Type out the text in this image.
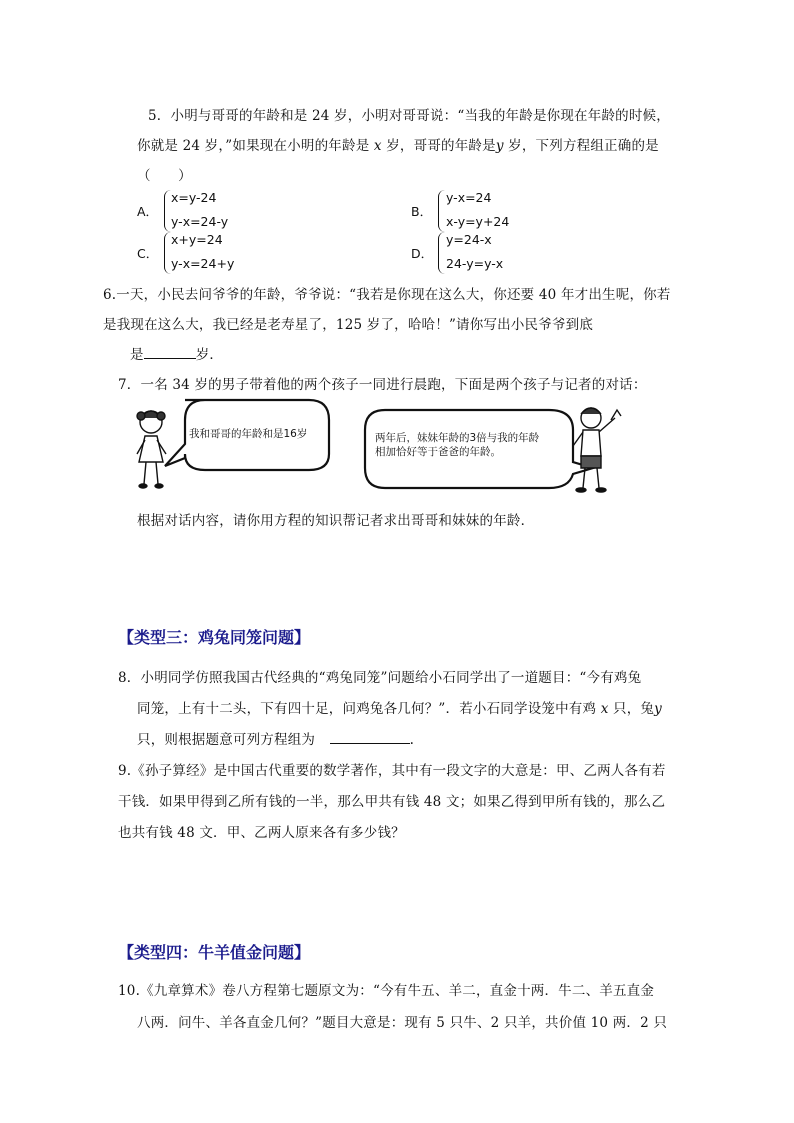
5．小明与哥哥的年龄和是 24 岁，小明对哥哥说：“当我的年龄是你现在年龄的时候，
你就是 24 岁，”如果现在小明的年龄是 x 岁，哥哥的年龄是y 岁，下列方程组正确的是
（　　）
A．
x=y-24
y-x=24-y
B．
y-x=24
x-y=y+24
C．
x+y=24
y-x=24+y
D．
y=24-x
24-y=y-x
6.一天，小民去问爷爷的年龄，爷爷说：“我若是你现在这么大，你还要 40 年才出生呢，你若
是我现在这么大，我已经是老寿星了，125 岁了，哈哈！”请你写出小民爷爷到底
是	岁．
7．一名 34 岁的男子带着他的两个孩子一同进行晨跑，下面是两个孩子与记者的对话：
我和哥哥的年龄和是16岁	两年后，妹妹年龄的3倍与我的年龄
相加恰好等于爸爸的年龄。
根据对话内容，请你用方程的知识帮记者求出哥哥和妹妹的年龄．
【类型三：鸡兔同笼问题】
8．小明同学仿照我国古代经典的“鸡兔同笼”问题给小石同学出了一道题目：“今有鸡兔
同笼，上有十二头，下有四十足，问鸡兔各几何？”．若小石同学设笼中有鸡 x 只，兔y
只，则根据题意可列方程组为	.
9.《孙子算经》是中国古代重要的数学著作，其中有一段文字的大意是：甲、乙两人各有若
干钱．如果甲得到乙所有钱的一半，那么甲共有钱 48 文；如果乙得到甲所有钱的，那么乙
也共有钱 48 文．甲、乙两人原来各有多少钱？
【类型四：牛羊值金问题】
10.《九章算术》卷八方程第七题原文为：“今有牛五、羊二，直金十两．牛二、羊五直金
八两．问牛、羊各直金几何？”题目大意是：现有 5 只牛、2 只羊，共价值 10 两．2 只
